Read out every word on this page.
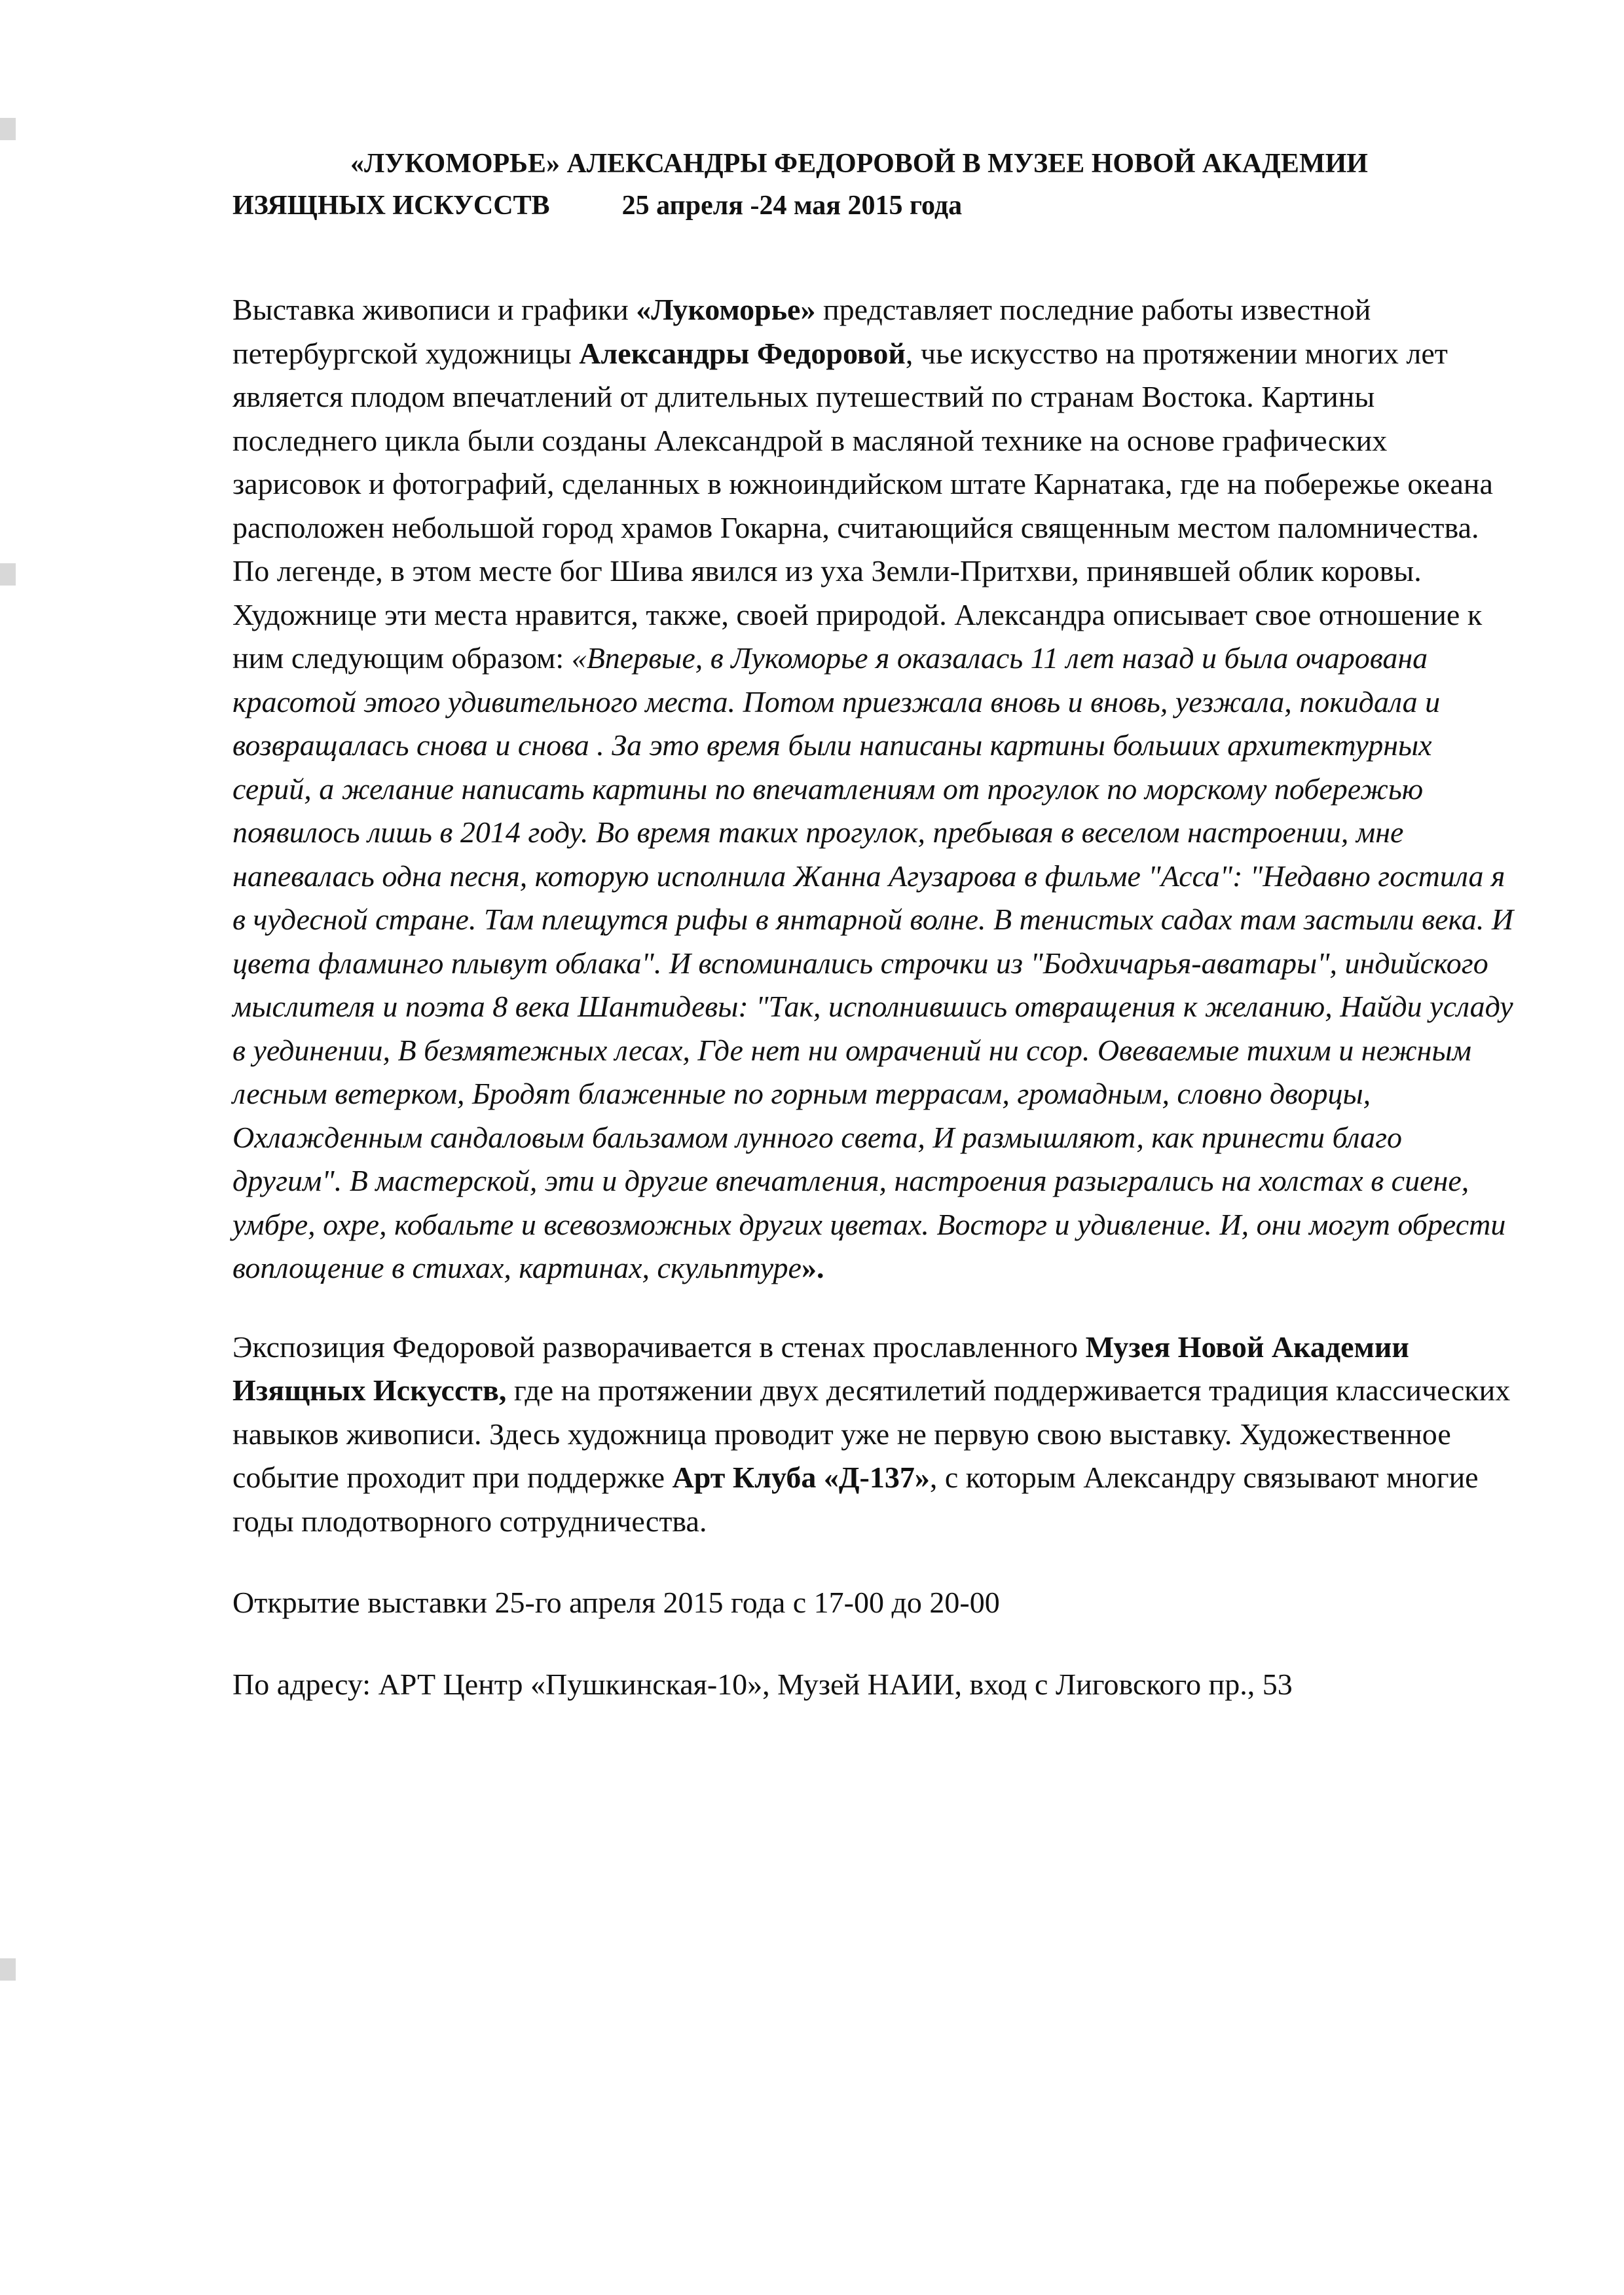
«ЛУКОМОРЬЕ» АЛЕКСАНДРЫ ФЕДОРОВОЙ В МУЗЕЕ НОВОЙ АКАДЕМИИ
ИЗЯЩНЫХ ИСКУССТВ	25 апреля -24 мая 2015 года

Выставка живописи и графики «Лукоморье» представляет последние работы известной петербургской художницы Александры Федоровой, чье искусство на протяжении многих лет является плодом впечатлений от длительных путешествий по странам Востока. Картины последнего цикла были созданы Александрой в масляной технике на основе графических зарисовок и фотографий, сделанных в южноиндийском штате Карнатака, где на побережье океана расположен небольшой город храмов Гокарна, считающийся священным местом паломничества. По легенде, в этом месте бог Шива явился из уха Земли-Притхви, принявшей облик коровы. Художнице эти места нравится, также, своей природой. Александра описывает свое отношение к ним следующим образом: «Впервые, в Лукоморье я оказалась 11 лет назад и была очарована красотой этого удивительного места. Потом приезжала вновь и вновь, уезжала, покидала и возвращалась снова и снова . За это время были написаны картины больших архитектурных серий, а желание написать картины по впечатлениям от прогулок по морскому побережью появилось лишь в 2014 году. Во время таких прогулок, пребывая в веселом настроении, мне напевалась одна песня, которую исполнила Жанна Агузарова в фильме "Асса": "Недавно гостила я в чудесной стране. Там плещутся рифы в янтарной волне. В тенистых садах там застыли века. И цвета фламинго плывут облака". И вспоминались строчки из "Бодхичарья-аватары", индийского мыслителя и поэта 8 века Шантидевы: "Так, исполнившись отвращения к желанию, Найди усладу в уединении, В безмятежных лесах, Где нет ни омрачений ни ссор. Овеваемые тихим и нежным лесным ветерком, Бродят блаженные по горным террасам, громадным, словно дворцы, Охлажденным сандаловым бальзамом лунного света, И размышляют, как принести благо другим". В мастерской, эти и другие впечатления, настроения разыгрались на холстах в сиене, умбре, охре, кобальте и всевозможных других цветах. Восторг и удивление. И, они могут обрести воплощение в стихах, картинах, скульптуре».

Экспозиция Федоровой разворачивается в стенах прославленного Музея Новой Академии Изящных Искусств, где на протяжении двух десятилетий поддерживается традиция классических навыков живописи. Здесь художница проводит уже не первую свою выставку. Художественное событие проходит при поддержке Арт Клуба «Д-137», с которым Александру связывают многие годы плодотворного сотрудничества.

Открытие выставки 25-го апреля 2015 года с 17-00 до 20-00

По адресу: АРТ Центр «Пушкинская-10», Музей НАИИ, вход с Лиговского пр., 53
